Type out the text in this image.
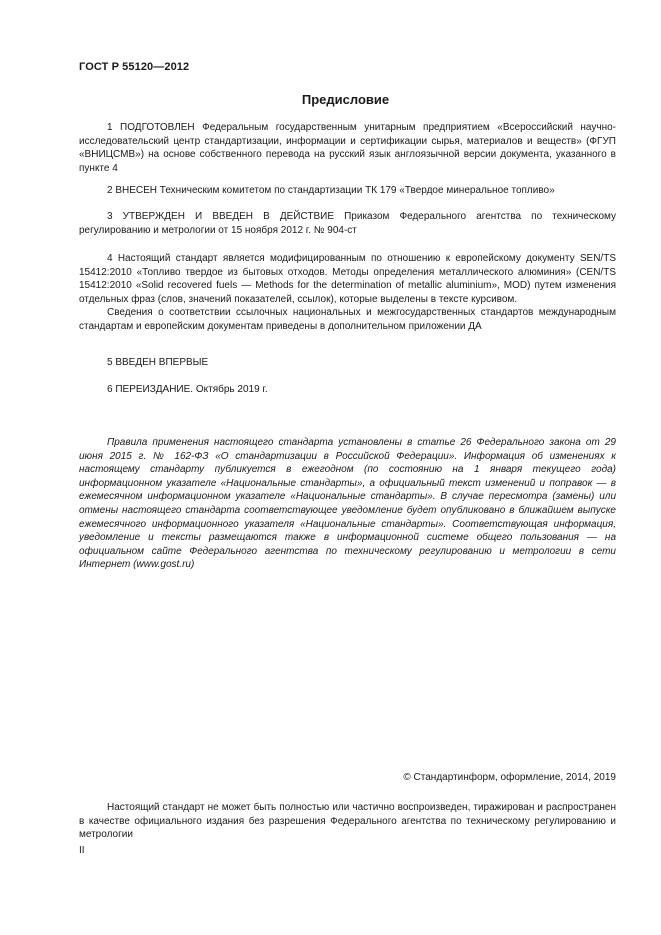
ГОСТ Р 55120—2012
Предисловие

1 ПОДГОТОВЛЕН Федеральным государственным унитарным предприятием «Всероссийский научно-исследовательский центр стандартизации, информации и сертификации сырья, материалов и веществ» (ФГУП «ВНИЦСМВ») на основе собственного перевода на русский язык англоязычной версии документа, указанного в пункте 4

2 ВНЕСЕН Техническим комитетом по стандартизации ТК 179 «Твердое минеральное топливо»

3 УТВЕРЖДЕН И ВВЕДЕН В ДЕЙСТВИЕ Приказом Федерального агентства по техническому регулированию и метрологии от 15 ноября 2012 г. № 904-ст

4 Настоящий стандарт является модифицированным по отношению к европейскому документу SEN/TS 15412:2010 «Топливо твердое из бытовых отходов. Методы определения металлического алюминия» (CEN/TS 15412:2010 «Solid recovered fuels — Methods for the determination of metallic aluminium», MOD) путем изменения отдельных фраз (слов, значений показателей, ссылок), которые выделены в тексте курсивом.

Сведения о соответствии ссылочных национальных и межгосударственных стандартов международным стандартам и европейским документам приведены в дополнительном приложении ДА

5 ВВЕДЕН ВПЕРВЫЕ

6 ПЕРЕИЗДАНИЕ. Октябрь 2019 г.

Правила применения настоящего стандарта установлены в статье 26 Федерального закона от 29 июня 2015 г. № 162-ФЗ «О стандартизации в Российской Федерации». Информация об изменениях к настоящему стандарту публикуется в ежегодном (по состоянию на 1 января текущего года) информационном указателе «Национальные стандарты», а официальный текст изменений и поправок — в ежемесячном информационном указателе «Национальные стандарты». В случае пересмотра (замены) или отмены настоящего стандарта соответствующее уведомление будет опубликовано в ближайшем выпуске ежемесячного информационного указателя «Национальные стандарты». Соответствующая информация, уведомление и тексты размещаются также в информационной системе общего пользования — на официальном сайте Федерального агентства по техническому регулированию и метрологии в сети Интернет (www.gost.ru)

© Стандартинформ, оформление, 2014, 2019

Настоящий стандарт не может быть полностью или частично воспроизведен, тиражирован и распространен в качестве официального издания без разрешения Федерального агентства по техническому регулированию и метрологии

II
